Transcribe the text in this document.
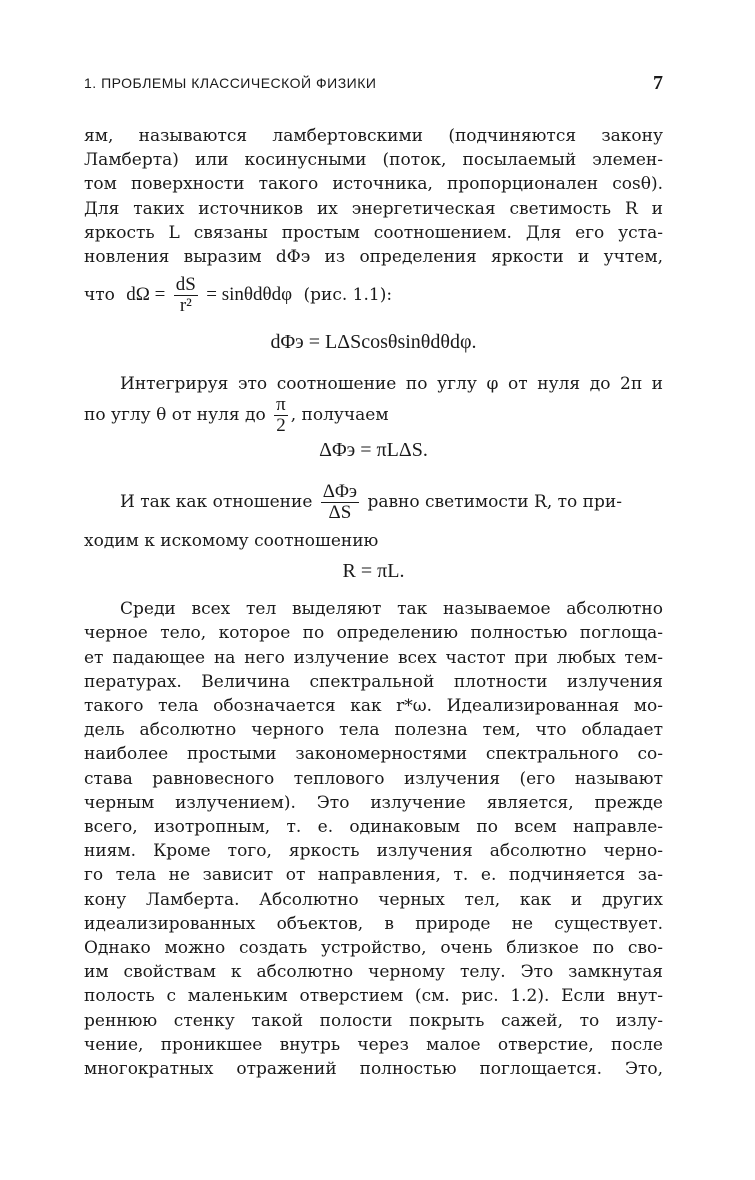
1. ПРОБЛЕМЫ КЛАССИЧЕСКОЙ ФИЗИКИ	7

ям, называются ламбертовскими (подчиняются закону
Ламберта) или косинусными (поток, посылаемый элемен-
том поверхности такого источника, пропорционален cosθ).
Для таких источников их энергетическая светимость R и
яркость L связаны простым соотношением. Для его уста-
новления выразим dΦэ из определения яркости и учтем,

что $d\Omega = \frac{dS}{\text{r²}} = \sin\theta d\theta d\varphi$ (рис. 1.1):
dΦэ = LΔScosθsinθdθdφ.

Интегрируя это соотношение по углу φ от нуля до 2π и

по углу θ от нуля до $\frac{\pi}{2}$ , получаем
ΔΦэ = πLΔS.
И так как отношение $\frac{\text{ΔΦэ}}{\Delta S}$ равно светимости R, то при-

ходим к искомому соотношению

R = πL.

Среди всех тел выделяют так называемое абсолютно
черное тело, которое по определению полностью поглоща-
ет падающее на него излучение всех частот при любых тем-
пературах. Величина спектральной плотности излучения
такого тела обозначается как r*ω. Идеализированная мо-
дель абсолютно черного тела полезна тем, что обладает
наиболее простыми закономерностями спектрального со-
става равновесного теплового излучения (его называют
черным излучением). Это излучение является, прежде
всего, изотропным, т. е. одинаковым по всем направле-
ниям. Кроме того, яркость излучения абсолютно черно-
го тела не зависит от направления, т. е. подчиняется за-
кону Ламберта. Абсолютно черных тел, как и других
идеализированных объектов, в природе не существует.
Однако можно создать устройство, очень близкое по сво-
им свойствам к абсолютно черному телу. Это замкнутая
полость с маленьким отверстием (см. рис. 1.2). Если внут-
реннюю стенку такой полости покрыть сажей, то излу-
чение, проникшее внутрь через малое отверстие, после
многократных отражений полностью поглощается. Это,
